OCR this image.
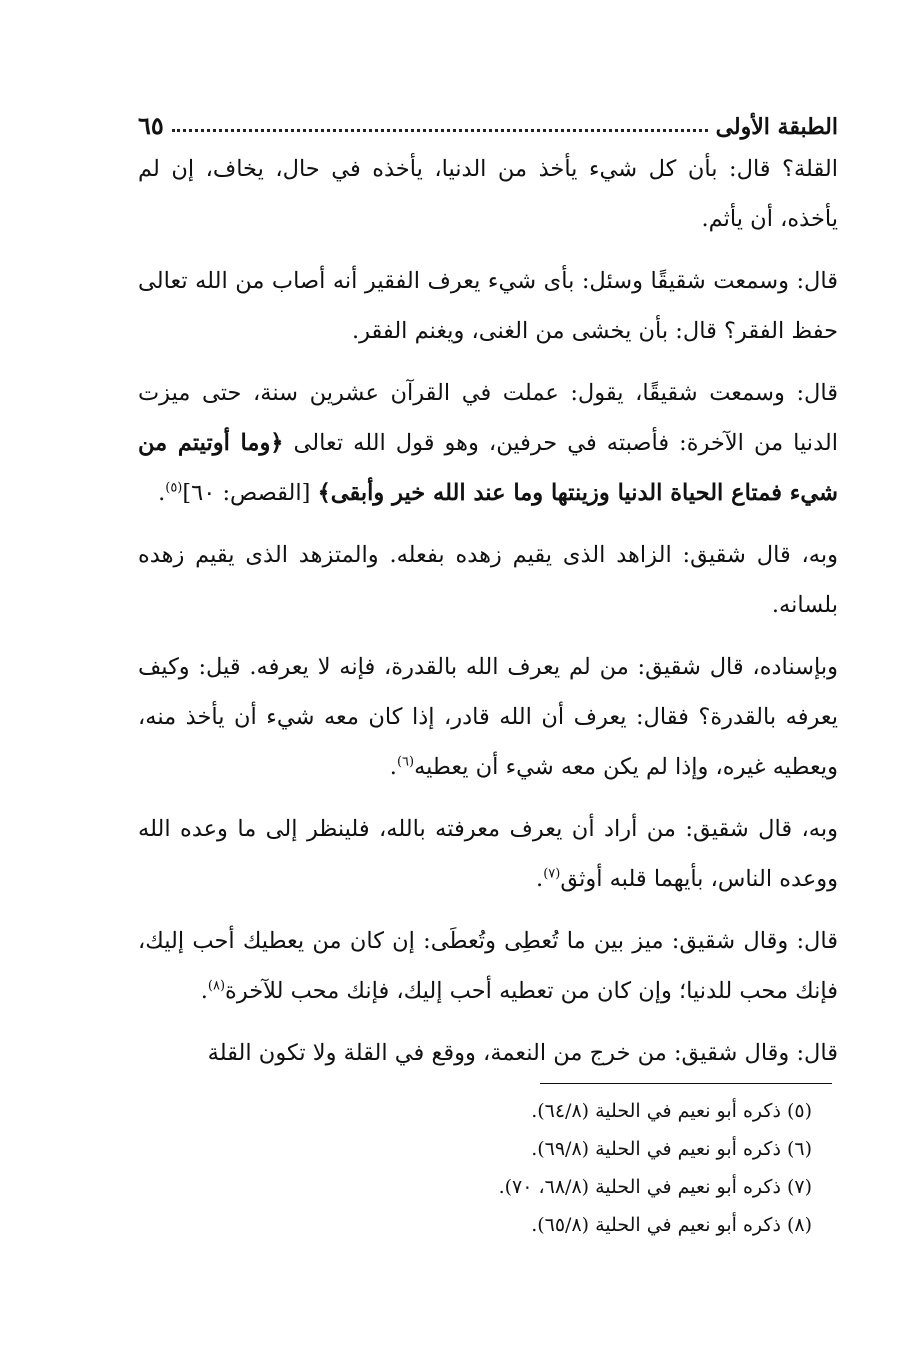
الطبقة الأولى
٦٥

القلة؟ قال: بأن كل شيء يأخذ من الدنيا، يأخذه في حال، يخاف، إن لم يأخذه، أن يأثم.

قال: وسمعت شقيقًا وسئل: بأى شيء يعرف الفقير أنه أصاب من الله تعالى حفظ الفقر؟ قال: بأن يخشى من الغنى، ويغنم الفقر.

قال: وسمعت شقيقًا، يقول: عملت في القرآن عشرين سنة، حتى ميزت الدنيا من الآخرة: فأصبته في حرفين، وهو قول الله تعالى ﴿وما أوتيتم من شيء فمتاع الحياة الدنيا وزينتها وما عند الله خير وأبقى﴾ [القصص: ٦٠]$^{(٥)}$.

وبه، قال شقيق: الزاهد الذى يقيم زهده بفعله. والمتزهد الذى يقيم زهده بلسانه.

وبإسناده، قال شقيق: من لم يعرف الله بالقدرة، فإنه لا يعرفه. قيل: وكيف يعرفه بالقدرة؟ فقال: يعرف أن الله قادر، إذا كان معه شيء أن يأخذ منه، ويعطيه غيره، وإذا لم يكن معه شيء أن يعطيه$^{(٦)}$.

وبه، قال شقيق: من أراد أن يعرف معرفته بالله، فلينظر إلى ما وعده الله ووعده الناس، بأيهما قلبه أوثق$^{(٧)}$.

قال: وقال شقيق: ميز بين ما تُعطِى وتُعطَى: إن كان من يعطيك أحب إليك، فإنك محب للدنيا؛ وإن كان من تعطيه أحب إليك، فإنك محب للآخرة$^{(٨)}$.

قال: وقال شقيق: من خرج من النعمة، ووقع في القلة ولا تكون القلة

(٥) ذكره أبو نعيم في الحلية (٦٤/٨).
(٦) ذكره أبو نعيم في الحلية (٦٩/٨).
(٧) ذكره أبو نعيم في الحلية (٦٨/٨، ٧٠).
(٨) ذكره أبو نعيم في الحلية (٦٥/٨).
